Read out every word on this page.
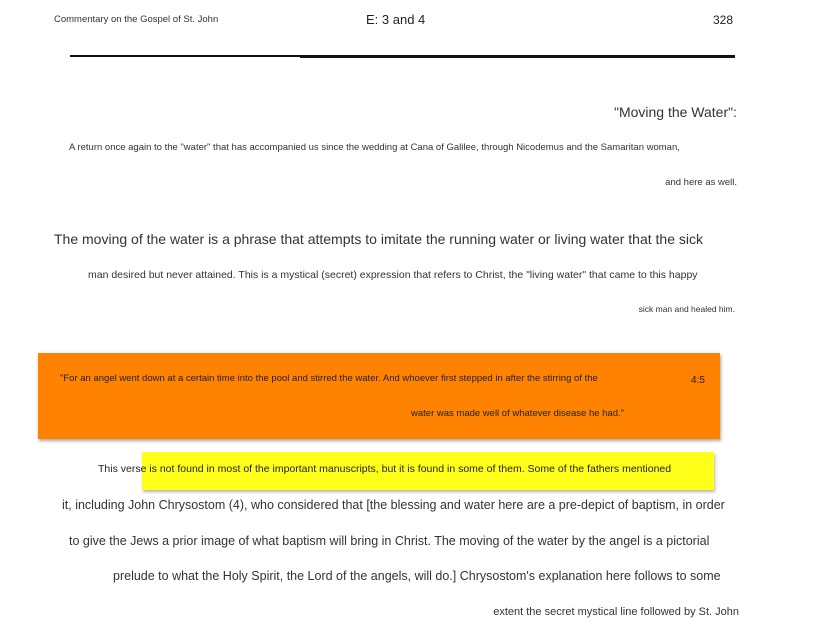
Commentary on the Gospel of St. John	E: 3 and 4	328
"Moving the Water":
A return once again to the "water" that has accompanied us since the wedding at Cana of Galilee, through Nicodemus and the Samaritan woman,
and here as well.
The moving of the water is a phrase that attempts to imitate the running water or living water that the sick
man desired but never attained. This is a mystical (secret) expression that refers to Christ, the "living water" that came to this happy
sick man and healed him.
"For an angel went down at a certain time into the pool and stirred the water. And whoever first stepped in after the stirring of the	4:5
water was made well of whatever disease he had."
This verse is not found in most of the important manuscripts, but it is found in some of them. Some of the fathers mentioned
it, including John Chrysostom (4), who considered that [the blessing and water here are a pre-depict of baptism, in order
to give the Jews a prior image of what baptism will bring in Christ. The moving of the water by the angel is a pictorial
prelude to what the Holy Spirit, the Lord of the angels, will do.] Chrysostom's explanation here follows to some
extent the secret mystical line followed by St. John
